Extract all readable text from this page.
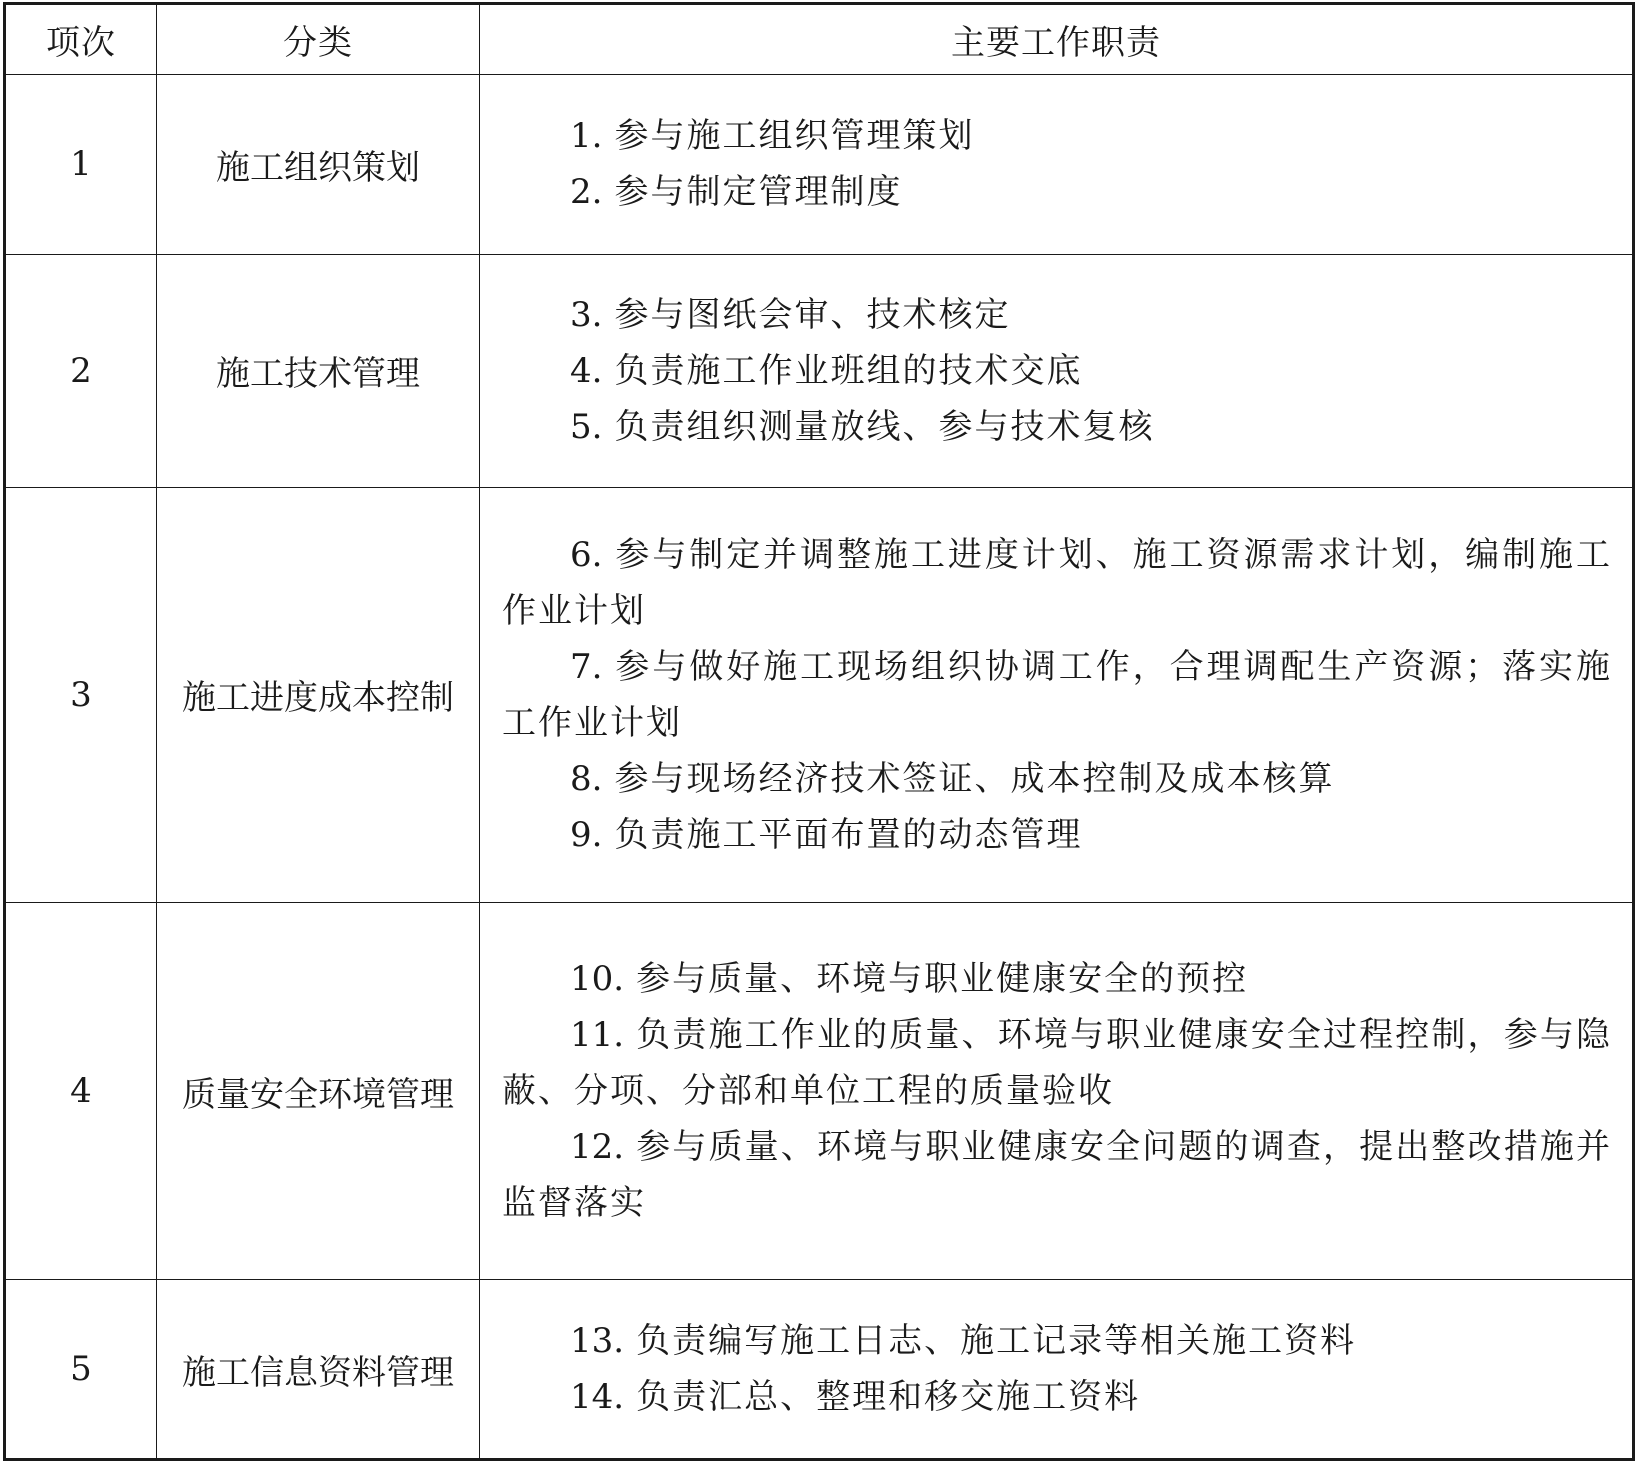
项次	分类	主要工作职责
1	施工组织策划	1. 参与施工组织管理策划

2. 参与制定管理制度

2	施工技术管理	3. 参与图纸会审、技术核定

4. 负责施工作业班组的技术交底

5. 负责组织测量放线、参与技术复核

3	施工进度成本控制	6. 参与制定并调整施工进度计划、施工资源需求计划，编制施工作业计划

7. 参与做好施工现场组织协调工作，合理调配生产资源；落实施工作业计划

8. 参与现场经济技术签证、成本控制及成本核算

9. 负责施工平面布置的动态管理

4	质量安全环境管理	10. 参与质量、环境与职业健康安全的预控

11. 负责施工作业的质量、环境与职业健康安全过程控制，参与隐蔽、分项、分部和单位工程的质量验收

12. 参与质量、环境与职业健康安全问题的调查，提出整改措施并监督落实

5	施工信息资料管理	13. 负责编写施工日志、施工记录等相关施工资料

14. 负责汇总、整理和移交施工资料
